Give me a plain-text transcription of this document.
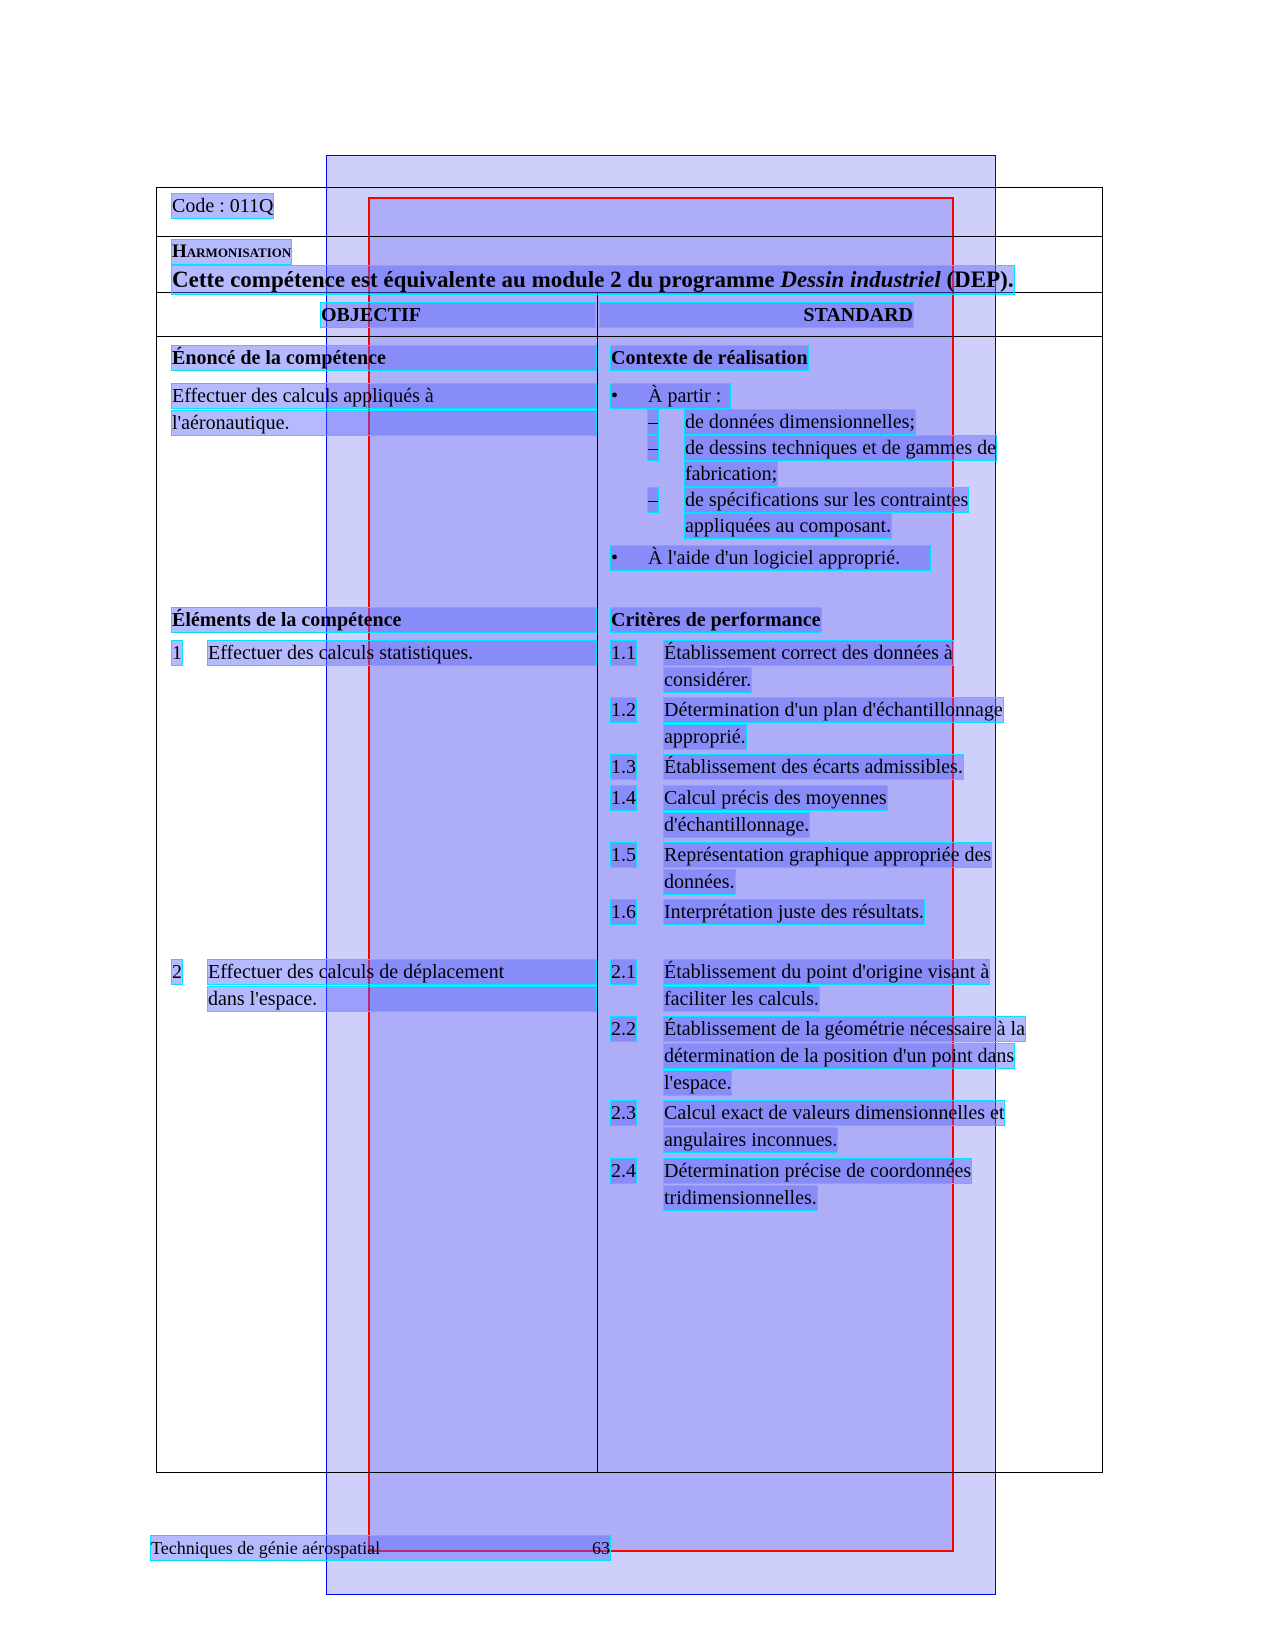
Code : 011Q
Harmonisation
Cette compétence est équivalente au module 2 du programme Dessin industriel (DEP).
OBJECTIF	STANDARD
Énoncé de la compétence
Effectuer des calculs appliqués à
l'aéronautique.
Contexte de réalisation
• À partir :
– de données dimensionnelles;
– de dessins techniques et de gammes de
fabrication;
– de spécifications sur les contraintes
appliquées au composant.
• À l'aide d'un logiciel approprié.
Éléments de la compétence
1 Effectuer des calculs statistiques.
2 Effectuer des calculs de déplacement
dans l'espace.
Critères de performance
1.1 Établissement correct des données à
considérer.
1.2 Détermination d'un plan d'échantillonnage
approprié.
1.3 Établissement des écarts admissibles.
1.4 Calcul précis des moyennes
d'échantillonnage.
1.5 Représentation graphique appropriée des
données.
1.6 Interprétation juste des résultats.
2.1 Établissement du point d'origine visant à
faciliter les calculs.
2.2 Établissement de la géométrie nécessaire à la
détermination de la position d'un point dans
l'espace.
2.3 Calcul exact de valeurs dimensionnelles et
angulaires inconnues.
2.4 Détermination précise de coordonnées
tridimensionnelles.
Techniques de génie aérospatial	63
